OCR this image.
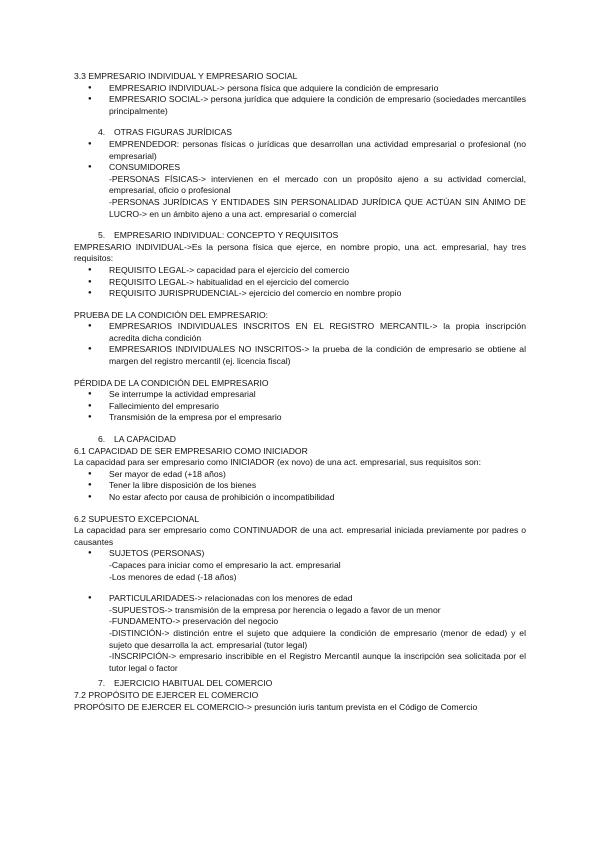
3.3 EMPRESARIO INDIVIDUAL Y EMPRESARIO SOCIAL
● EMPRESARIO INDIVIDUAL-> persona física que adquiere la condición de empresario
● EMPRESARIO SOCIAL-> persona jurídica que adquiere la condición de empresario (sociedades mercantiles principalmente)
4. OTRAS FIGURAS JURÍDICAS
● EMPRENDEDOR: personas físicas o jurídicas que desarrollan una actividad empresarial o profesional (no empresarial)
● CONSUMIDORES
-PERSONAS FÍSICAS-> intervienen en el mercado con un propósito ajeno a su actividad comercial, empresarial, oficio o profesional
-PERSONAS JURÍDICAS Y ENTIDADES SIN PERSONALIDAD JURÍDICA QUE ACTÚAN SIN ÁNIMO DE LUCRO-> en un ámbito ajeno a una act. empresarial o comercial
5. EMPRESARIO INDIVIDUAL: CONCEPTO Y REQUISITOS
EMPRESARIO INDIVIDUAL->Es la persona física que ejerce, en nombre propio, una act. empresarial, hay tres requisitos:
● REQUISITO LEGAL-> capacidad para el ejercicio del comercio
● REQUISITO LEGAL-> habitualidad en el ejercicio del comercio
● REQUISITO JURISPRUDENCIAL-> ejercicio del comercio en nombre propio
PRUEBA DE LA CONDICIÓN DEL EMPRESARIO:
● EMPRESARIOS INDIVIDUALES INSCRITOS EN EL REGISTRO MERCANTIL-> la propia inscripción acredita dicha condición
● EMPRESARIOS INDIVIDUALES NO INSCRITOS-> la prueba de la condición de empresario se obtiene al margen del registro mercantil (ej. licencia fiscal)
PÉRDIDA DE LA CONDICIÓN DEL EMPRESARIO
● Se interrumpe la actividad empresarial
● Fallecimiento del empresario
● Transmisión de la empresa por el empresario
6. LA CAPACIDAD
6.1 CAPACIDAD DE SER EMPRESARIO COMO INICIADOR
La capacidad para ser empresario como INICIADOR (ex novo) de una act. empresarial, sus requisitos son:
● Ser mayor de edad (+18 años)
● Tener la libre disposición de los bienes
● No estar afecto por causa de prohibición o incompatibilidad
6.2 SUPUESTO EXCEPCIONAL
La capacidad para ser empresario como CONTINUADOR de una act. empresarial iniciada previamente por padres o causantes
● SUJETOS (PERSONAS)
-Capaces para iniciar como el empresario la act. empresarial
-Los menores de edad (-18 años)
● PARTICULARIDADES-> relacionadas con los menores de edad
-SUPUESTOS-> transmisión de la empresa por herencia o legado a favor de un menor
-FUNDAMENTO-> preservación del negocio
-DISTINCIÓN-> distinción entre el sujeto que adquiere la condición de empresario (menor de edad) y el sujeto que desarrolla la act. empresarial (tutor legal)
-INSCRIPCIÓN-> empresario inscribible en el Registro Mercantil aunque la inscripción sea solicitada por el tutor legal o factor
7. EJERCICIO HABITUAL DEL COMERCIO
7.2 PROPÓSITO DE EJERCER EL COMERCIO
PROPÓSITO DE EJERCER EL COMERCIO-> presunción iuris tantum prevista en el Código de Comercio
